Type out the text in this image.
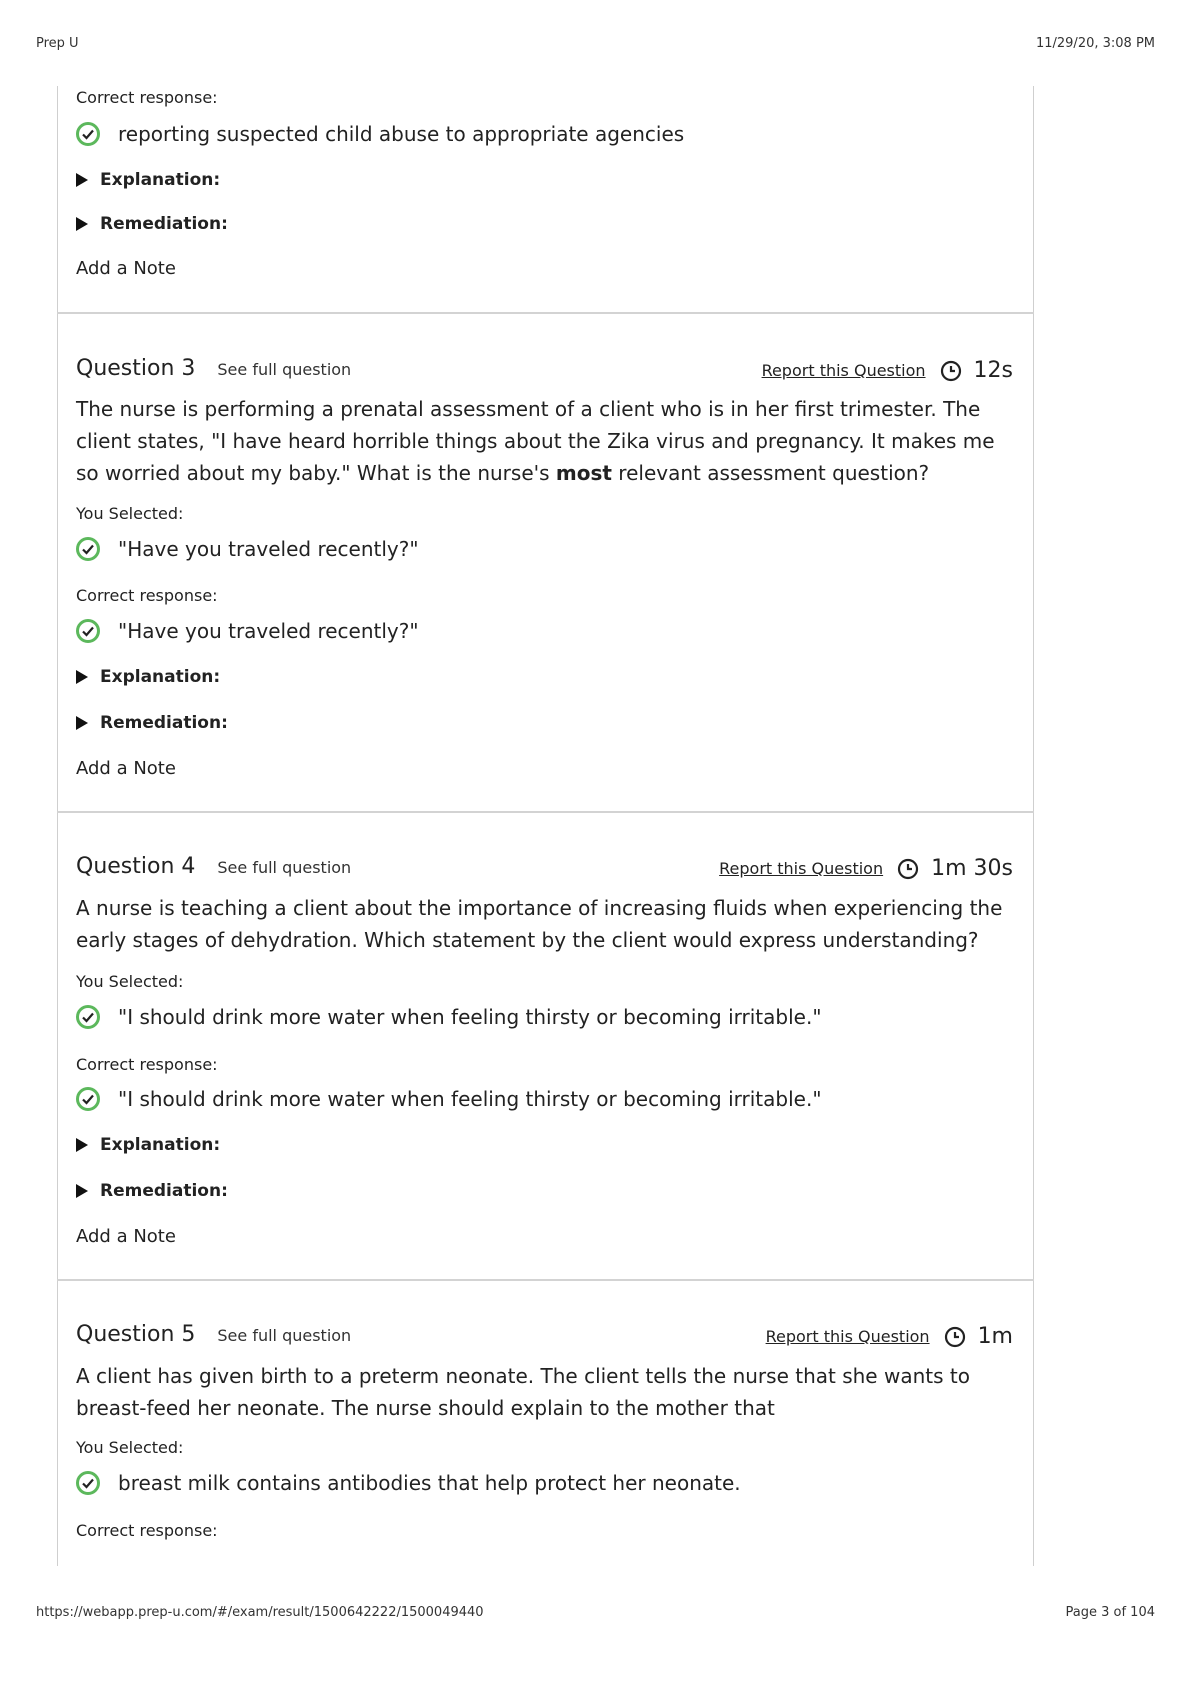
Prep U	11/29/20, 3:08 PM
Correct response:
reporting suspected child abuse to appropriate agencies
Explanation:
Remediation:
Add a Note
Question 3 See full question	Report this Question 12s
The nurse is performing a prenatal assessment of a client who is in her first trimester. The client states, "I have heard horrible things about the Zika virus and pregnancy. It makes me so worried about my baby." What is the nurse's most relevant assessment question?
You Selected:
"Have you traveled recently?"
Correct response:
"Have you traveled recently?"
Explanation:
Remediation:
Add a Note
Question 4 See full question	Report this Question 1m 30s
A nurse is teaching a client about the importance of increasing fluids when experiencing the early stages of dehydration. Which statement by the client would express understanding?
You Selected:
"I should drink more water when feeling thirsty or becoming irritable."
Correct response:
"I should drink more water when feeling thirsty or becoming irritable."
Explanation:
Remediation:
Add a Note
Question 5 See full question	Report this Question 1m
A client has given birth to a preterm neonate. The client tells the nurse that she wants to breast-feed her neonate. The nurse should explain to the mother that
You Selected:
breast milk contains antibodies that help protect her neonate.
Correct response:
https://webapp.prep-u.com/#/exam/result/1500642222/1500049440	Page 3 of 104
